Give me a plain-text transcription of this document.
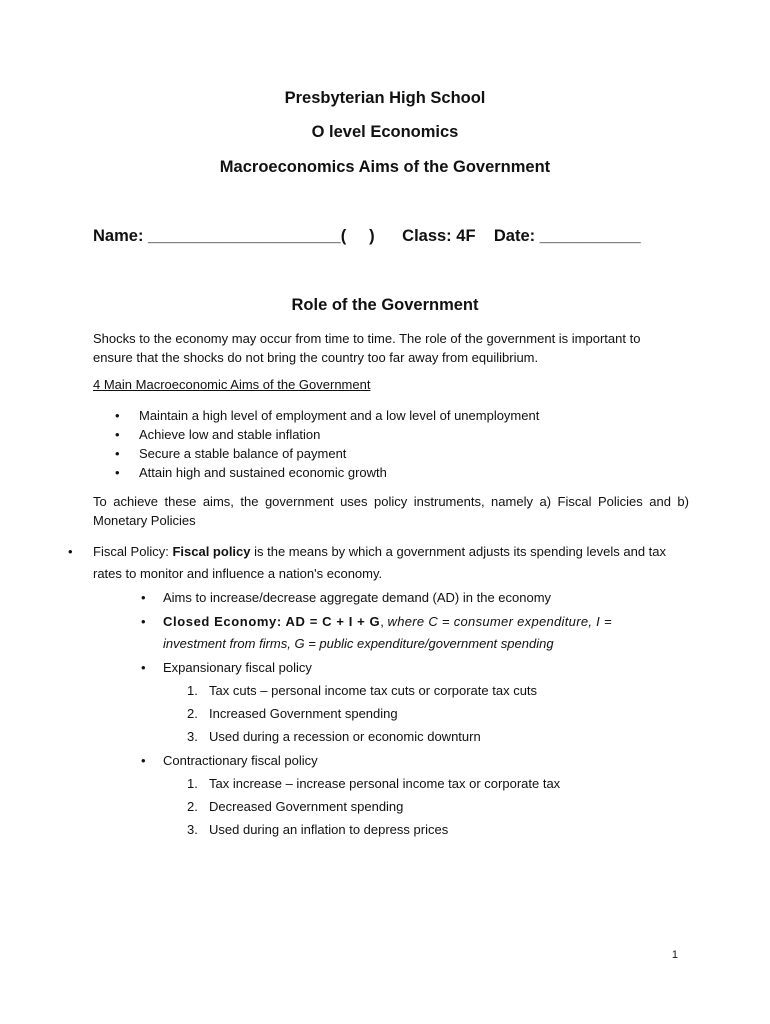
Presbyterian High School
O level Economics
Macroeconomics Aims of the Government
Name: _____________________(     ) Class: 4F Date: ___________
Role of the Government
Shocks to the economy may occur from time to time. The role of the government is important to ensure that the shocks do not bring the country too far away from equilibrium.
4 Main Macroeconomic Aims of the Government
• Maintain a high level of employment and a low level of unemployment
• Achieve low and stable inflation
• Secure a stable balance of payment
• Attain high and sustained economic growth
To achieve these aims, the government uses policy instruments, namely a) Fiscal Policies and b) Monetary Policies
• Fiscal Policy: Fiscal policy is the means by which a government adjusts its spending levels and tax rates to monitor and influence a nation's economy.
• Aims to increase/decrease aggregate demand (AD) in the economy
• Closed Economy: AD = C + I + G, where C = consumer expenditure, I =
investment from firms, G = public expenditure/government spending
• Expansionary fiscal policy
1. Tax cuts – personal income tax cuts or corporate tax cuts
2. Increased Government spending
3. Used during a recession or economic downturn
• Contractionary fiscal policy
1. Tax increase – increase personal income tax or corporate tax
2. Decreased Government spending
3. Used during an inflation to depress prices
1
